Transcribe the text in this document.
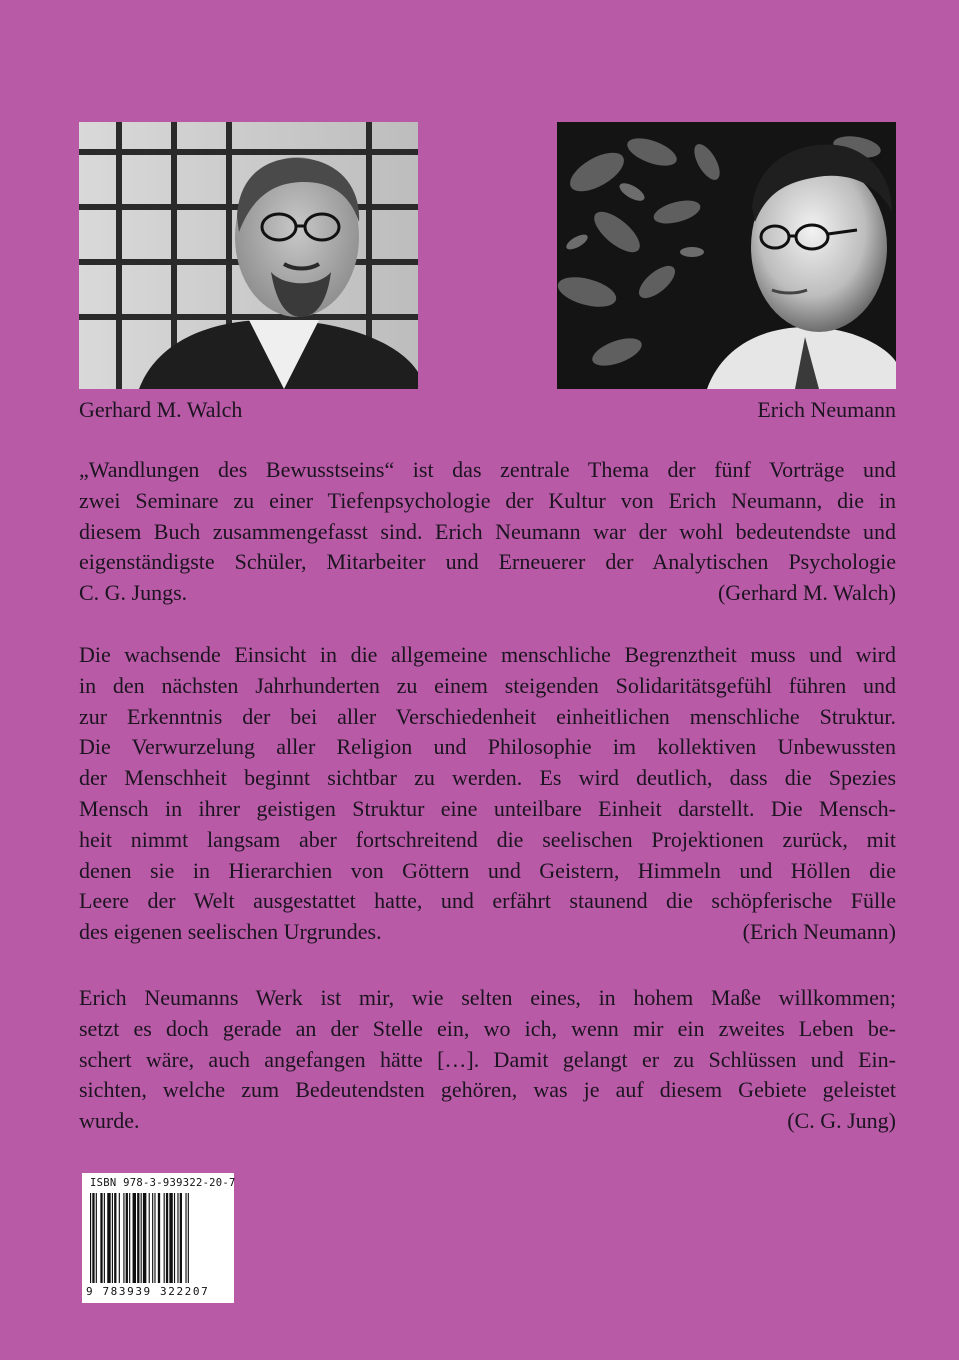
Gerhard M. Walch	Erich Neumann
„Wandlungen des Bewusstseins“ ist das zentrale Thema der fünf Vorträge und
zwei Seminare zu einer Tiefenpsychologie der Kultur von Erich Neumann, die in
diesem Buch zusammengefasst sind. Erich Neumann war der wohl bedeutendste und
eigenständigste Schüler, Mitarbeiter und Erneuerer der Analytischen Psychologie
C. G. Jungs.	(Gerhard M. Walch)
Die wachsende Einsicht in die allgemeine menschliche Begrenztheit muss und wird
in den nächsten Jahrhunderten zu einem steigenden Solidaritätsgefühl führen und
zur Erkenntnis der bei aller Verschiedenheit einheitlichen menschliche Struktur.
Die Verwurzelung aller Religion und Philosophie im kollektiven Unbewussten
der Menschheit beginnt sichtbar zu werden. Es wird deutlich, dass die Spezies
Mensch in ihrer geistigen Struktur eine unteilbare Einheit darstellt. Die Mensch-
heit nimmt langsam aber fortschreitend die seelischen Projektionen zurück, mit
denen sie in Hierarchien von Göttern und Geistern, Himmeln und Höllen die
Leere der Welt ausgestattet hatte, und erfährt staunend die schöpferische Fülle
des eigenen seelischen Urgrundes.	(Erich Neumann)
Erich Neumanns Werk ist mir, wie selten eines, in hohem Maße willkommen;
setzt es doch gerade an der Stelle ein, wo ich, wenn mir ein zweites Leben be-
schert wäre, auch angefangen hätte […]. Damit gelangt er zu Schlüssen und Ein-
sichten, welche zum Bedeutendsten gehören, was je auf diesem Gebiete geleistet
wurde.	(C. G. Jung)
ISBN 978-3-939322-20-7
9 783939 322207
